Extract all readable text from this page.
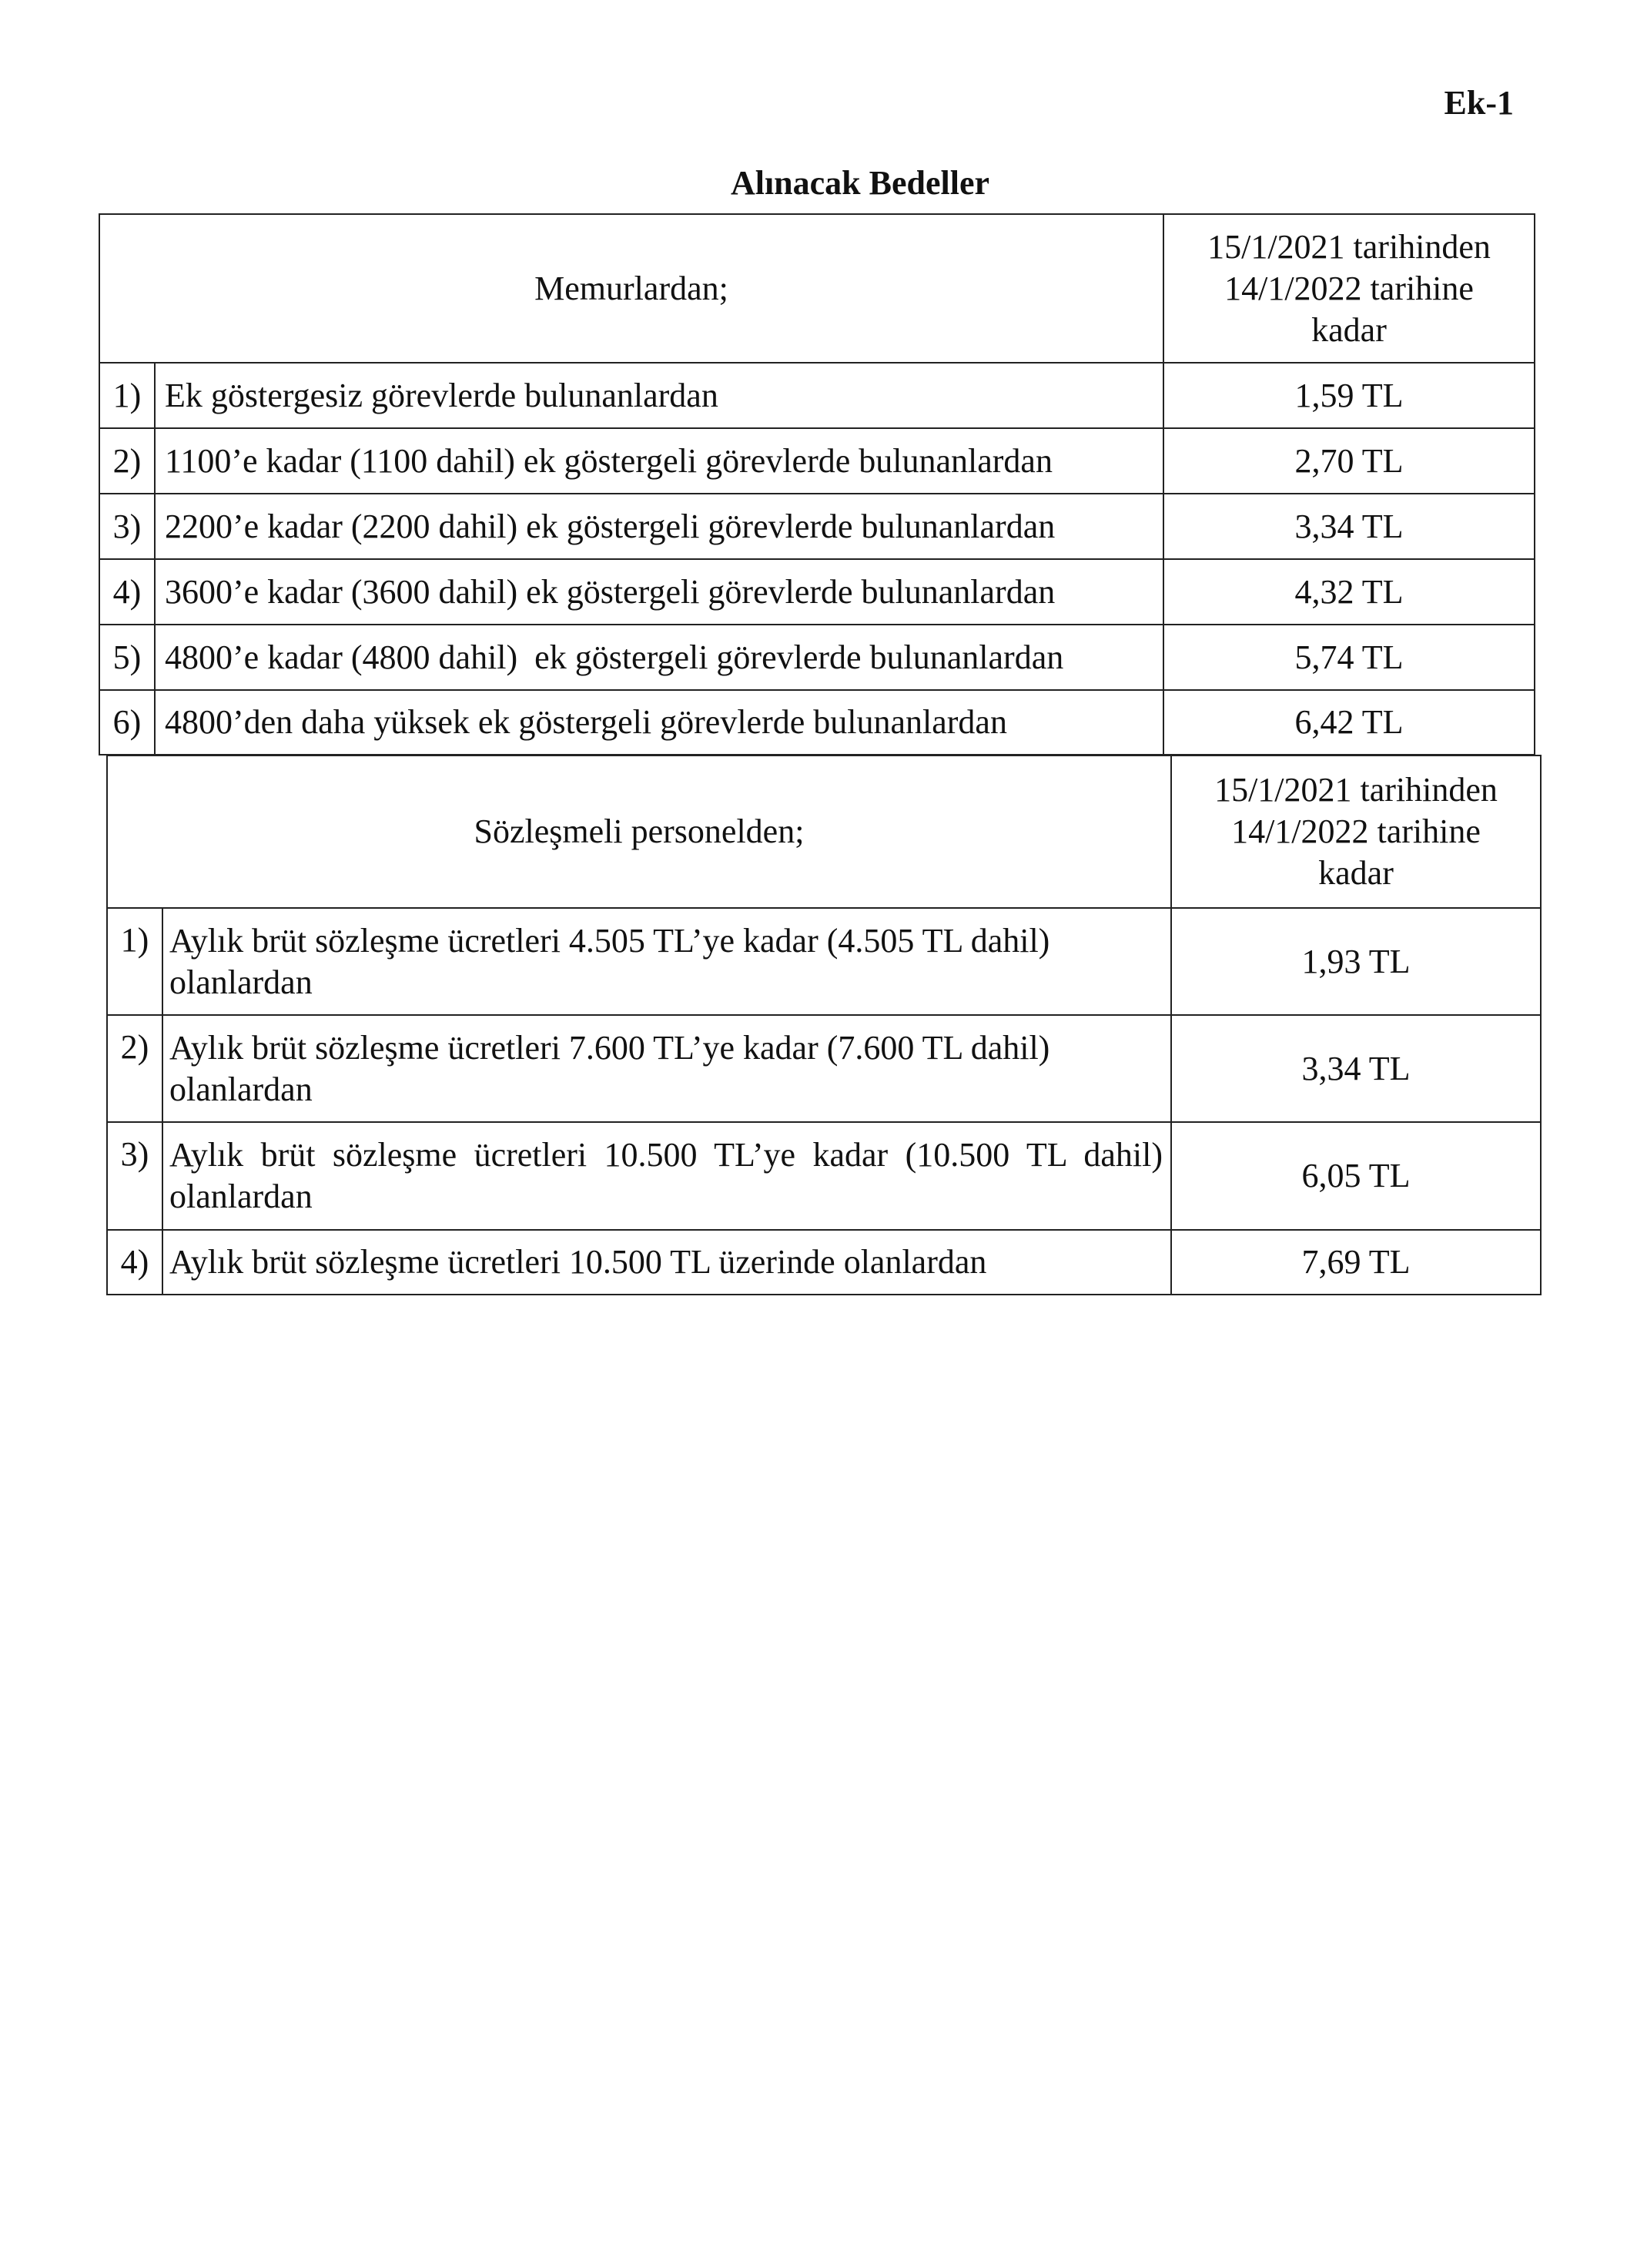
Ek-1
Alınacak Bedeller
Memurlardan;		15/1/2021 tarihinden
14/1/2022 tarihine
kadar

1)	Ek göstergesiz görevlerde bulunanlardan	1,59 TL
2)	1100’e kadar (1100 dahil) ek göstergeli görevlerde bulunanlardan	2,70 TL
3)	2200’e kadar (2200 dahil) ek göstergeli görevlerde bulunanlardan	3,34 TL
4)	3600’e kadar (3600 dahil) ek göstergeli görevlerde bulunanlardan	4,32 TL
5)	4800’e kadar (4800 dahil)  ek göstergeli görevlerde bulunanlardan	5,74 TL
6)	4800’den daha yüksek ek göstergeli görevlerde bulunanlardan	6,42 TL
Sözleşmeli personelden;		15/1/2021 tarihinden
14/1/2022 tarihine
kadar

1)	Aylık brüt sözleşme ücretleri 4.505 TL’ye kadar (4.505 TL dahil) olanlardan	1,93 TL
2)	Aylık brüt sözleşme ücretleri 7.600 TL’ye kadar (7.600 TL dahil) olanlardan	3,34 TL
3)	Aylık brüt sözleşme ücretleri 10.500 TL’ye kadar (10.500 TL dahil) olanlardan	6,05 TL
4)	Aylık brüt sözleşme ücretleri 10.500 TL üzerinde olanlardan	7,69 TL
